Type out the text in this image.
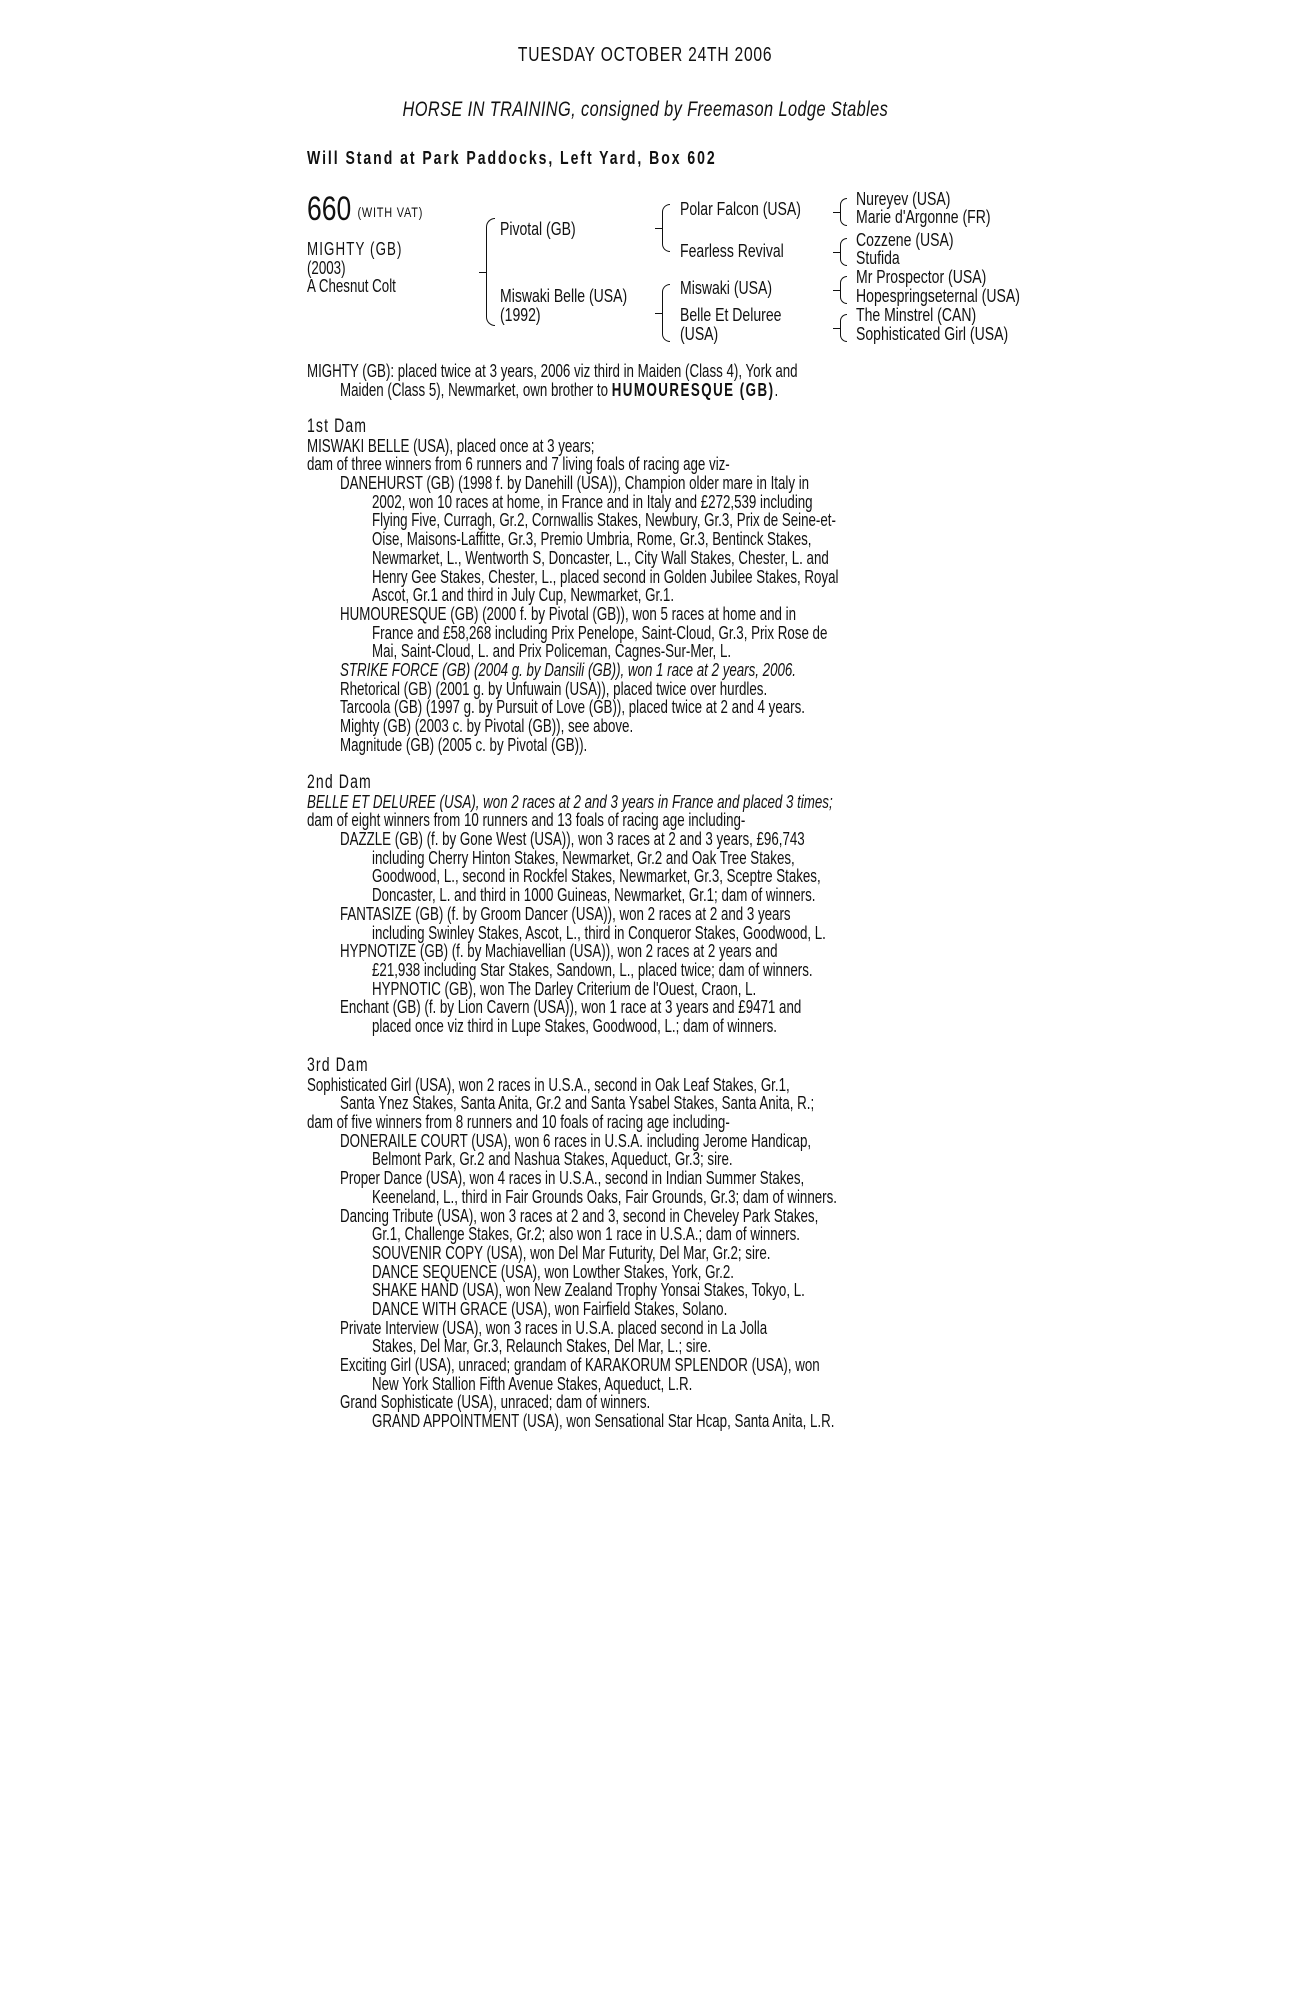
TUESDAY OCTOBER 24TH 2006
HORSE IN TRAINING, consigned by Freemason Lodge Stables
Will Stand at Park Paddocks, Left Yard, Box 602
660 (WITH VAT)
MIGHTY (GB)
(2003)
A Chesnut Colt
Pivotal (GB)
Miswaki Belle (USA)
(1992)
Polar Falcon (USA)
Fearless Revival
Miswaki (USA)
Belle Et Deluree
(USA)
Nureyev (USA)
Marie d'Argonne (FR)
Cozzene (USA)
Stufida
Mr Prospector (USA)
Hopespringseternal (USA)
The Minstrel (CAN)
Sophisticated Girl (USA)
MIGHTY (GB): placed twice at 3 years, 2006 viz third in Maiden (Class 4), York and
Maiden (Class 5), Newmarket, own brother to HUMOURESQUE (GB).
1st Dam
MISWAKI BELLE (USA), placed once at 3 years;
dam of three winners from 6 runners and 7 living foals of racing age viz-
DANEHURST (GB) (1998 f. by Danehill (USA)), Champion older mare in Italy in
2002, won 10 races at home, in France and in Italy and £272,539 including
Flying Five, Curragh, Gr.2, Cornwallis Stakes, Newbury, Gr.3, Prix de Seine-et-
Oise, Maisons-Laffitte, Gr.3, Premio Umbria, Rome, Gr.3, Bentinck Stakes,
Newmarket, L., Wentworth S, Doncaster, L., City Wall Stakes, Chester, L. and
Henry Gee Stakes, Chester, L., placed second in Golden Jubilee Stakes, Royal
Ascot, Gr.1 and third in July Cup, Newmarket, Gr.1.
HUMOURESQUE (GB) (2000 f. by Pivotal (GB)), won 5 races at home and in
France and £58,268 including Prix Penelope, Saint-Cloud, Gr.3, Prix Rose de
Mai, Saint-Cloud, L. and Prix Policeman, Cagnes-Sur-Mer, L.
STRIKE FORCE (GB) (2004 g. by Dansili (GB)), won 1 race at 2 years, 2006.
Rhetorical (GB) (2001 g. by Unfuwain (USA)), placed twice over hurdles.
Tarcoola (GB) (1997 g. by Pursuit of Love (GB)), placed twice at 2 and 4 years.
Mighty (GB) (2003 c. by Pivotal (GB)), see above.
Magnitude (GB) (2005 c. by Pivotal (GB)).
2nd Dam
BELLE ET DELUREE (USA), won 2 races at 2 and 3 years in France and placed 3 times;
dam of eight winners from 10 runners and 13 foals of racing age including-
DAZZLE (GB) (f. by Gone West (USA)), won 3 races at 2 and 3 years, £96,743
including Cherry Hinton Stakes, Newmarket, Gr.2 and Oak Tree Stakes,
Goodwood, L., second in Rockfel Stakes, Newmarket, Gr.3, Sceptre Stakes,
Doncaster, L. and third in 1000 Guineas, Newmarket, Gr.1; dam of winners.
FANTASIZE (GB) (f. by Groom Dancer (USA)), won 2 races at 2 and 3 years
including Swinley Stakes, Ascot, L., third in Conqueror Stakes, Goodwood, L.
HYPNOTIZE (GB) (f. by Machiavellian (USA)), won 2 races at 2 years and
£21,938 including Star Stakes, Sandown, L., placed twice; dam of winners.
HYPNOTIC (GB), won The Darley Criterium de l'Ouest, Craon, L.
Enchant (GB) (f. by Lion Cavern (USA)), won 1 race at 3 years and £9471 and
placed once viz third in Lupe Stakes, Goodwood, L.; dam of winners.
3rd Dam
Sophisticated Girl (USA), won 2 races in U.S.A., second in Oak Leaf Stakes, Gr.1,
Santa Ynez Stakes, Santa Anita, Gr.2 and Santa Ysabel Stakes, Santa Anita, R.;
dam of five winners from 8 runners and 10 foals of racing age including-
DONERAILE COURT (USA), won 6 races in U.S.A. including Jerome Handicap,
Belmont Park, Gr.2 and Nashua Stakes, Aqueduct, Gr.3; sire.
Proper Dance (USA), won 4 races in U.S.A., second in Indian Summer Stakes,
Keeneland, L., third in Fair Grounds Oaks, Fair Grounds, Gr.3; dam of winners.
Dancing Tribute (USA), won 3 races at 2 and 3, second in Cheveley Park Stakes,
Gr.1, Challenge Stakes, Gr.2; also won 1 race in U.S.A.; dam of winners.
SOUVENIR COPY (USA), won Del Mar Futurity, Del Mar, Gr.2; sire.
DANCE SEQUENCE (USA), won Lowther Stakes, York, Gr.2.
SHAKE HAND (USA), won New Zealand Trophy Yonsai Stakes, Tokyo, L.
DANCE WITH GRACE (USA), won Fairfield Stakes, Solano.
Private Interview (USA), won 3 races in U.S.A. placed second in La Jolla
Stakes, Del Mar, Gr.3, Relaunch Stakes, Del Mar, L.; sire.
Exciting Girl (USA), unraced; grandam of KARAKORUM SPLENDOR (USA), won
New York Stallion Fifth Avenue Stakes, Aqueduct, L.R.
Grand Sophisticate (USA), unraced; dam of winners.
GRAND APPOINTMENT (USA), won Sensational Star Hcap, Santa Anita, L.R.
